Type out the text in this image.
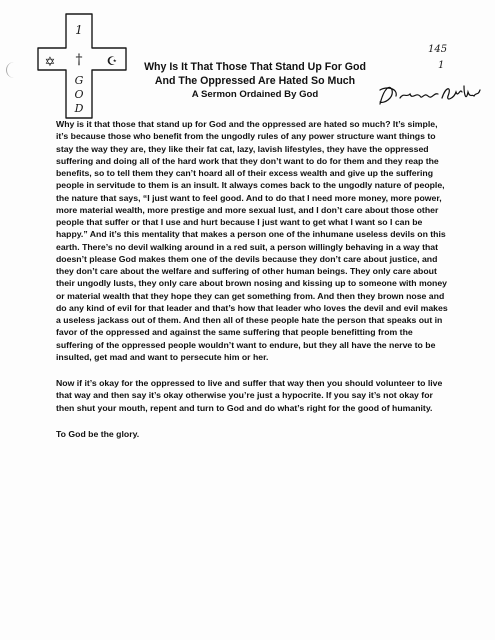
1
†
G
O
D
✡	☪
145
1
Why Is It That Those That Stand Up For God
And The Oppressed Are Hated So Much
A Sermon Ordained By God

Why is it that those that stand up for God and the oppressed are hated so much? It’s simple, it’s because those who benefit from the ungodly rules of any power structure want things to stay the way they are, they like their fat cat, lazy, lavish lifestyles, they have the oppressed suffering and doing all of the hard work that they don’t want to do for them and they reap the benefits, so to tell them they can’t hoard all of their excess wealth and give up the suffering people in servitude to them is an insult. It always comes back to the ungodly nature of people, the nature that says, “I just want to feel good. And to do that I need more money, more power, more material wealth, more prestige and more sexual lust, and I don’t care about those other people that suffer or that I use and hurt because I just want to get what I want so I can be happy.” And it’s this mentality that makes a person one of the inhumane useless devils on this earth. There’s no devil walking around in a red suit, a person willingly behaving in a way that doesn’t please God makes them one of the devils because they don’t care about justice, and they don’t care about the welfare and suffering of other human beings. They only care about their ungodly lusts, they only care about brown nosing and kissing up to someone with money or material wealth that they hope they can get something from. And then they brown nose and do any kind of evil for that leader and that’s how that leader who loves the devil and evil makes a useless jackass out of them. And then all of these people hate the person that speaks out in favor of the oppressed and against the same suffering that people benefitting from the suffering of the oppressed people wouldn’t want to endure, but they all have the nerve to be insulted, get mad and want to persecute him or her.

Now if it’s okay for the oppressed to live and suffer that way then you should volunteer to live that way and then say it’s okay otherwise you’re just a hypocrite. If you say it’s not okay for then shut your mouth, repent and turn to God and do what’s right for the good of humanity.

To God be the glory.
